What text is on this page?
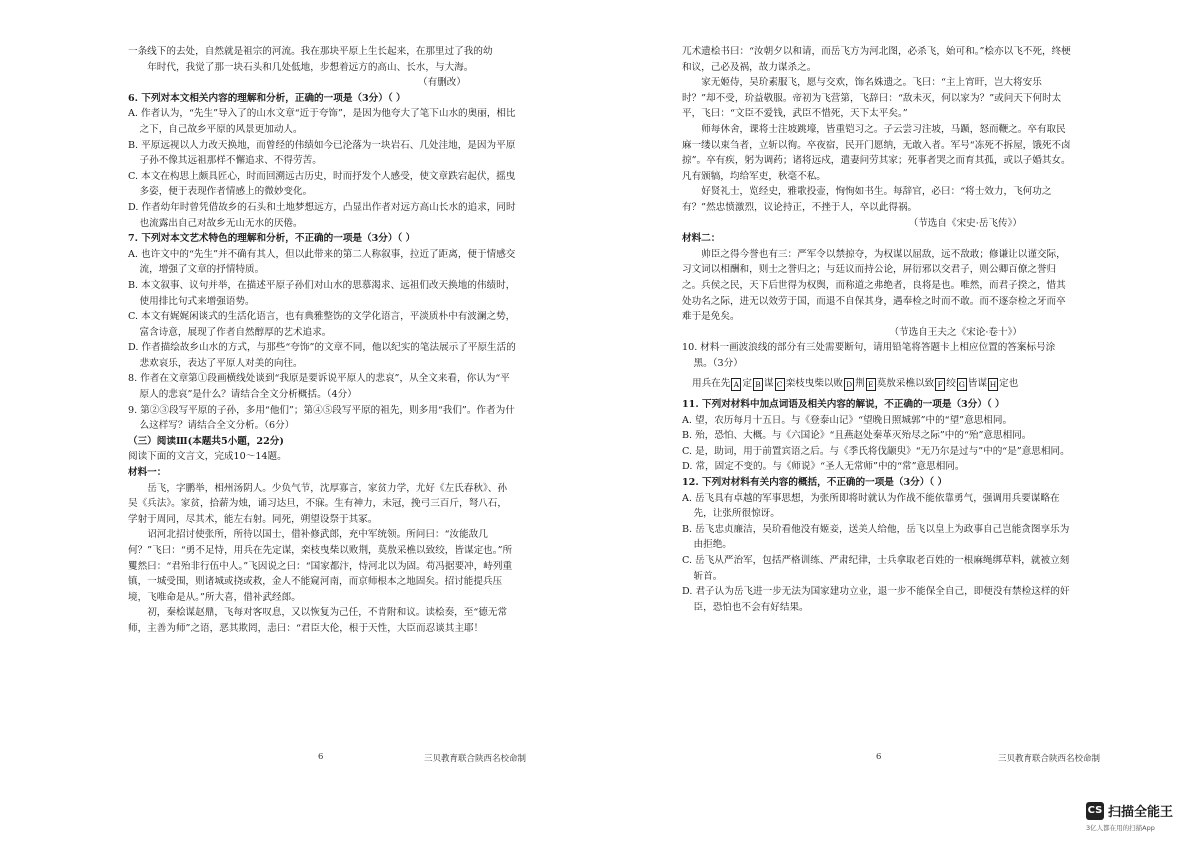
一条线下的去处，自然就是祖宗的河流。我在那块平原上生长起来，在那里过了我的幼

年时代，我觉了那一块石头和几处低地，步想着远方的高山、长水，与大海。

（有删改）

6. 下列对本文相关内容的理解和分析，正确的一项是（3分）（ ）

A. 作者认为，“先生”导入了的山水文章“近于夸饰”，是因为他夸大了笔下山水的奥丽，相比之下，自己故乡平原的风景更加动人。

B. 平原远视以人力改天换地，而曾经的伟绩如今已沦落为一块岩石、几处洼地，是因为平原子孙不像其远祖那样不懈追求、不得劳苦。

C. 本文在构思上颇具匠心，时而回溯远古历史，时而抒发个人感受，使文章跌宕起伏，摇曳多姿，便于表现作者情感上的微妙变化。

D. 作者幼年时曾凭借故乡的石头和土地梦想远方，凸显出作者对远方高山长水的追求，同时也流露出自己对故乡无山无水的厌倦。

7. 下列对本文艺术特色的理解和分析，不正确的一项是（3分）（ ）

A. 也许文中的“先生”并不确有其人，但以此带来的第二人称叙事，拉近了距离，便于情感交流，增强了文章的抒情特质。

B. 本文叙事、议句并举，在描述平原子孙们对山水的思慕渴求、远祖们改天换地的伟绩时，使用排比句式来增强语势。

C. 本文有娓娓闲谈式的生活化语言，也有典雅整饬的文学化语言，平淡质朴中有波澜之势，富含诗意，展现了作者自然醇厚的艺术追求。

D. 作者描绘故乡山水的方式，与那些“夸饰”的文章不同，他以纪实的笔法展示了平原生活的悲欢哀乐，表达了平原人对美的向往。

8. 作者在文章第①段画横线处谈到“我原是要诉说平原人的悲哀”，从全文来看，你认为“平原人的悲哀”是什么？请结合全文分析概括。（4分）

9. 第②③段写平原的子孙，多用“他们”；第④⑤段写平原的祖先，则多用“我们”。作者为什么这样写？请结合全文分析。（6分）

（三）阅读Ⅲ(本题共5小题，22分)

阅读下面的文言文，完成10～14题。

材料一：

岳飞，字鹏举，相州汤阴人。少负气节，沈厚寡言，家贫力学，尤好《左氏春秋》、孙吴《兵法》。家贫，拾薪为烛，诵习达旦，不寐。生有神力，未冠，挽弓三百斤，弩八石，学射于周同，尽其术，能左右射。同死，朔望设祭于其冢。

诏河北招讨使张所，所待以国士，借补修武郎，充中军统领。所问曰：“汝能敌几何？”飞曰：“勇不足恃，用兵在先定谋，栾枝曳柴以败荆，莫敖采樵以致绞，皆谋定也。”所矍然曰：“君殆非行伍中人。”飞因说之曰：“国家都汴，恃河北以为固。苟冯据要冲，峙列重镇，一城受围，则诸城或挠或救，金人不能窥河南，而京师根本之地固矣。招讨能提兵压境，飞唯命是从。”所大喜，借补武经郎。

初，秦桧谋赵鼎，飞每对客叹息，又以恢复为己任，不肯附和议。读桧奏，至“德无常师，主善为师”之语，恶其欺罔，恚曰：“君臣大伦，根于天性，大臣而忍谈其主耶！

兀术遗桧书曰：“汝朝夕以和请，而岳飞方为河北图，必杀飞，始可和。”桧亦以飞不死，终梗和议，己必及祸，故力谋杀之。

家无姬侍，吴玠素服飞，愿与交欢，饰名姝遗之。飞曰：“主上宵旰，岂大将安乐时？”却不受，玠益敬服。帝初为飞营第，飞辞曰：“敌未灭，何以家为？”或问天下何时太平，飞曰：“文臣不爱钱，武臣不惜死，天下太平矣。”

师每休舍，课将士注坡跳壕，皆重铠习之。子云尝习注坡，马踬，怒而鞭之。卒有取民麻一缕以束刍者，立斩以徇。卒夜宿，民开门愿纳，无敢入者。军号“冻死不拆屋，饿死不卤掠”。卒有疾，躬为调药；诸将远戍，遣妻问劳其家；死事者哭之而育其孤，或以子婚其女。凡有颁犒，均给军吏，秋毫不私。

好贤礼士，览经史，雅歌投壶，恂恂如书生。每辞官，必曰：“将士效力，飞何功之有？”然忠愤激烈，议论持正，不挫于人，卒以此得祸。

（节选自《宋史·岳飞传》）

材料二：

帅臣之得今誉也有三：严军令以禁掠夺，为权谋以屈敌，远不敌敢；修谦让以谨交际，习文词以相酬和，则士之誉归之；与廷议而持公论，屏衍邪以交君子，则公卿百僚之誉归之。兵侯之民，天下后世得为权舆，而称道之弗绝者，良将是也。唯然，而君子揆之，惜其处功名之际，进无以效劳于国，而退不自保其身，遇奉检之时而不敢。而不逐奈检之牙而卒难于是免矣。

（节选自王夫之《宋论·卷十》）

10. 材料一画波浪线的部分有三处需要断句，请用铅笔将答题卡上相应位置的答案标号涂黑。（3分）

用兵在先 A 定 B 谋 C 栾枝曳柴以败 D 荆 E 莫敖采樵以致 F 绞 G 皆谋 H 定也

11. 下列对材料中加点词语及相关内容的解说，不正确的一项是（3分）（ ）

A. 望，农历每月十五日。与《登泰山记》“望晚日照城郭”中的“望”意思相同。

B. 殆，恐怕、大概。与《六国论》“且燕赵处秦革灭殆尽之际”中的“殆”意思相同。

C. 是，助词，用于前置宾语之后。与《季氏将伐颛臾》“无乃尔是过与”中的“是”意思相同。

D. 常，固定不变的。与《师说》“圣人无常师”中的“常”意思相同。

12. 下列对材料有关内容的概括，不正确的一项是（3分）（ ）

A. 岳飞具有卓越的军事思想，为张所即将时就认为作战不能依靠勇气，强调用兵要谋略在先，让张所很惊讶。

B. 岳飞忠贞廉洁，吴玠看他没有姬妾，送美人给他，岳飞以皇上为政事自己岂能贪图享乐为由拒绝。

C. 岳飞从严治军，包括严格训练、严肃纪律，士兵拿取老百姓的一根麻绳绑草料，就被立刻斩首。

D. 君子认为岳飞进一步无法为国家建功立业，退一步不能保全自己，即便没有禁检这样的奸臣，恐怕也不会有好结果。

6	三贝教育联合陕西名校命制	6	三贝教育联合陕西名校命制
CS 扫描全能王
3亿人都在用的扫描App
